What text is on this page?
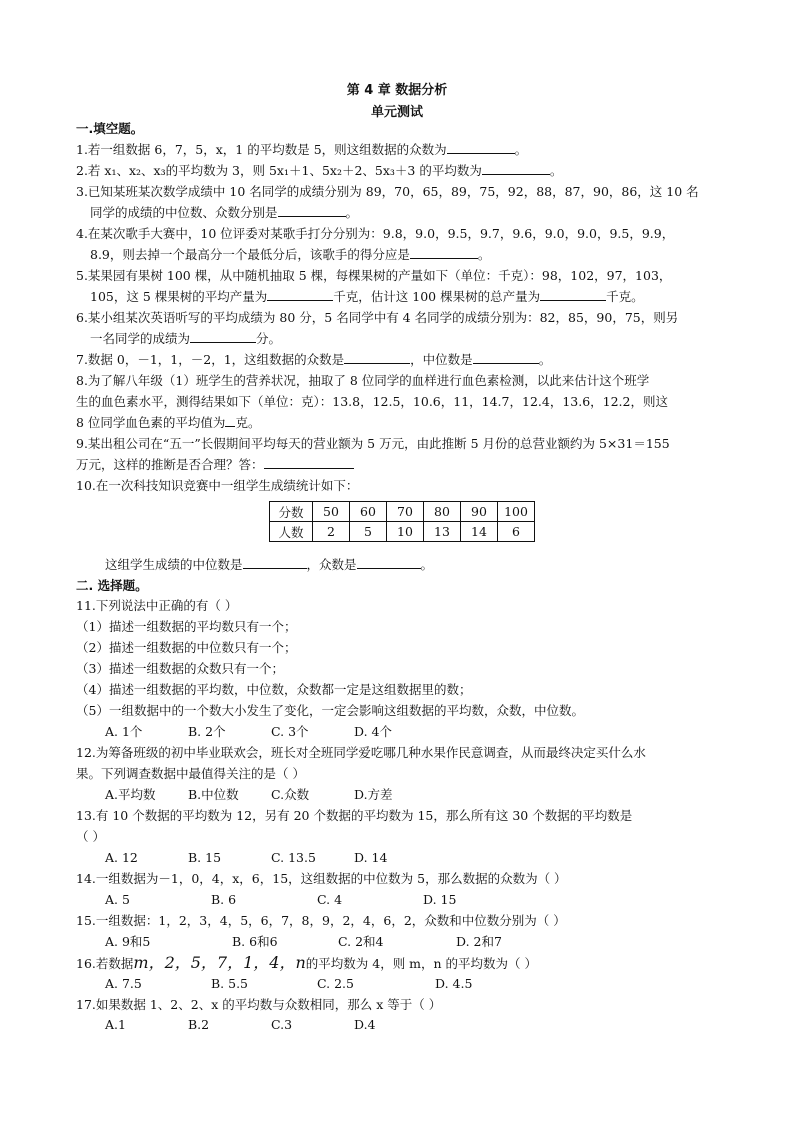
第 4 章 数据分析
单元测试
一.填空题。
1.若一组数据 6，7，5，x，1 的平均数是 5，则这组数据的众数为	。
2.若 x₁、x₂、x₃的平均数为 3，则 5x₁＋1、5x₂＋2、5x₃＋3 的平均数为	。
3.已知某班某次数学成绩中 10 名同学的成绩分别为 89，70，65，89，75，92，88，87，90，86，这 10 名
同学的成绩的中位数、众数分别是	。
4.在某次歌手大赛中，10 位评委对某歌手打分分别为：9.8，9.0，9.5，9.7，9.6，9.0，9.0，9.5，9.9，
8.9，则去掉一个最高分一个最低分后，该歌手的得分应是	。
5.某果园有果树 100 棵，从中随机抽取 5 棵，每棵果树的产量如下（单位：千克）：98，102，97，103，
105，这 5 棵果树的平均产量为	千克，估计这 100 棵果树的总产量为	千克。
6.某小组某次英语听写的平均成绩为 80 分，5 名同学中有 4 名同学的成绩分别为：82，85，90，75，则另
一名同学的成绩为	分。
7.数据 0，－1，1，－2，1，这组数据的众数是	，中位数是	。
8.为了解八年级（1）班学生的营养状况，抽取了 8 位同学的血样进行血色素检测，以此来估计这个班学
生的血色素水平，测得结果如下（单位：克）：13.8，12.5，10.6，11，14.7，12.4，13.6，12.2，则这
8 位同学血色素的平均值为 克。
9.某出租公司在“五一”长假期间平均每天的营业额为 5 万元，由此推断 5 月份的总营业额约为 5×31＝155
万元，这样的推断是否合理？答：
10.在一次科技知识竞赛中一组学生成绩统计如下：
分数	50	60	70	80	90	100
人数	2	5	10	13	14	6
这组学生成绩的中位数是	，众数是	。
二. 选择题。
11.下列说法中正确的有（ ）
（1）描述一组数据的平均数只有一个；
（2）描述一组数据的中位数只有一个；
（3）描述一组数据的众数只有一个；
（4）描述一组数据的平均数，中位数，众数都一定是这组数据里的数；
（5）一组数据中的一个数大小发生了变化，一定会影响这组数据的平均数，众数，中位数。
A. 1个	B. 2个	C. 3个	D. 4个
12.为筹备班级的初中毕业联欢会，班长对全班同学爱吃哪几种水果作民意调查，从而最终决定买什么水
果。下列调查数据中最值得关注的是（ ）
A.平均数	B.中位数	C.众数	D.方差
13.有 10 个数据的平均数为 12，另有 20 个数据的平均数为 15，那么所有这 30 个数据的平均数是
（ ）
A. 12	B. 15	C. 13.5	D. 14
14.一组数据为－1，0，4，x，6，15，这组数据的中位数为 5，那么数据的众数为（ ）
A. 5	B. 6	C. 4	D. 15
15.一组数据：1，2，3，4，5，6，7，8，9，2，4，6，2，众数和中位数分别为（ ）
A. 9和5	B. 6和6	C. 2和4	D. 2和7
16.若数据m，2，5，7，1，4，n的平均数为 4，则 m，n 的平均数为（ ）
A. 7.5	B. 5.5	C. 2.5	D. 4.5
17.如果数据 1、2、2、x 的平均数与众数相同，那么 x 等于（ ）
A.1	B.2	C.3	D.4
